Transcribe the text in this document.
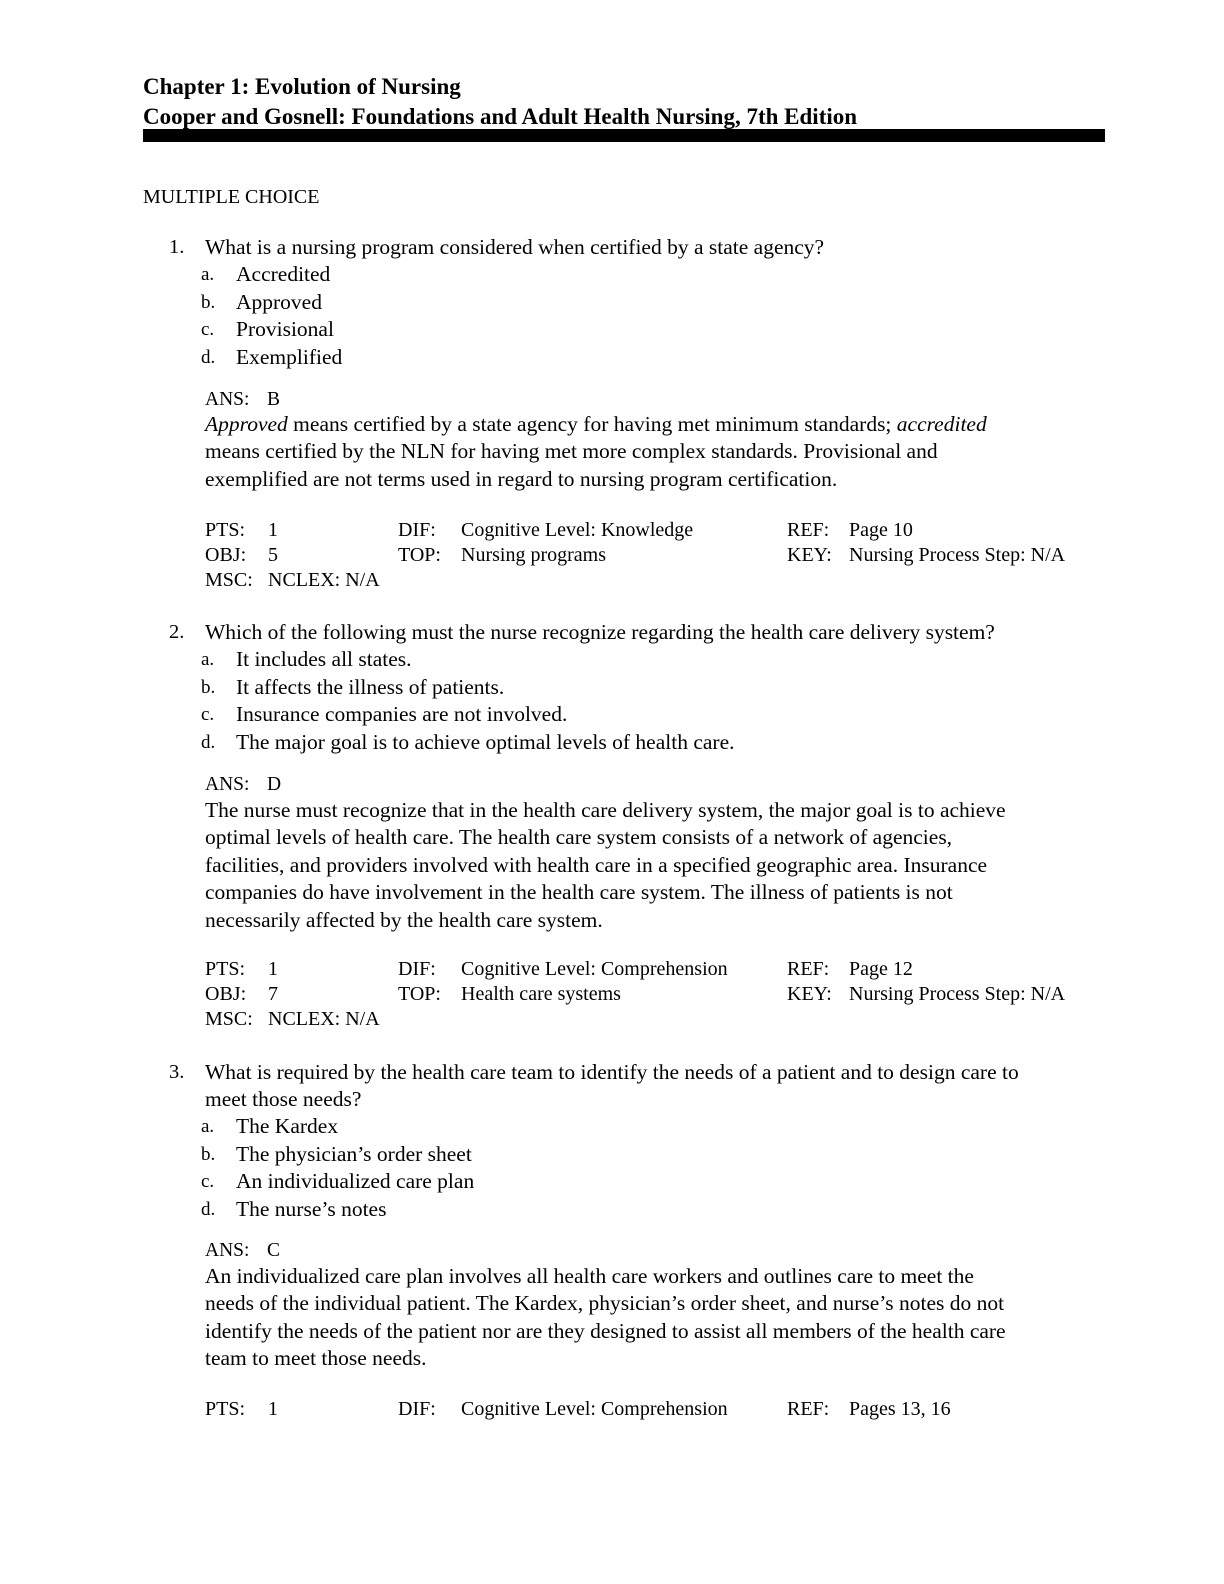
Chapter 1: Evolution of Nursing
Cooper and Gosnell: Foundations and Adult Health Nursing, 7th Edition
MULTIPLE CHOICE
1. What is a nursing program considered when certified by a state agency?
a. Accredited
b. Approved
c. Provisional
d. Exemplified
ANS: B
Approved means certified by a state agency for having met minimum standards; accredited
means certified by the NLN for having met more complex standards. Provisional and
exemplified are not terms used in regard to nursing program certification.
PTS: 1	DIF: Cognitive Level: Knowledge	REF: Page 10
OBJ: 5	TOP: Nursing programs	KEY: Nursing Process Step: N/A
MSC: NCLEX: N/A
2. Which of the following must the nurse recognize regarding the health care delivery system?
a. It includes all states.
b. It affects the illness of patients.
c. Insurance companies are not involved.
d. The major goal is to achieve optimal levels of health care.
ANS: D
The nurse must recognize that in the health care delivery system, the major goal is to achieve
optimal levels of health care. The health care system consists of a network of agencies,
facilities, and providers involved with health care in a specified geographic area. Insurance
companies do have involvement in the health care system. The illness of patients is not
necessarily affected by the health care system.
PTS: 1	DIF: Cognitive Level: Comprehension	REF: Page 12
OBJ: 7	TOP: Health care systems	KEY: Nursing Process Step: N/A
MSC: NCLEX: N/A
3. What is required by the health care team to identify the needs of a patient and to design care to
meet those needs?
a. The Kardex
b. The physician’s order sheet
c. An individualized care plan
d. The nurse’s notes
ANS: C
An individualized care plan involves all health care workers and outlines care to meet the
needs of the individual patient. The Kardex, physician’s order sheet, and nurse’s notes do not
identify the needs of the patient nor are they designed to assist all members of the health care
team to meet those needs.
PTS: 1	DIF: Cognitive Level: Comprehension	REF: Pages 13, 16
